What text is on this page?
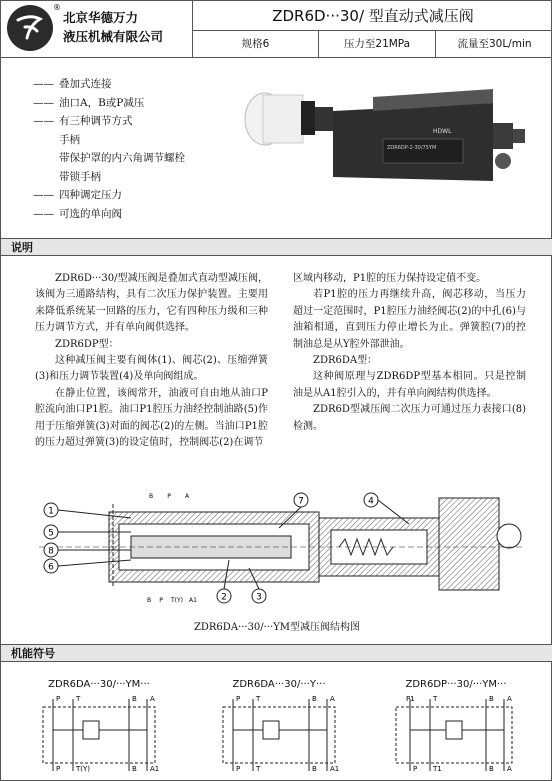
®
北京华德万力
液压机械有限公司
ZDR6D···30/ 型直动式减压阀
规格6	压力至21MPa	流量至30L/min
—— 叠加式连接
—— 油口A，B或P减压
—— 有三种调节方式
手柄
带保护罩的内六角调节螺栓
带锁手柄
—— 四种调定压力
—— 可选的单向阀
HDWL
ZDR6DP-2-30/75YM
说明

ZDR6D···30/型减压阀是叠加式直动型减压阀，该阀为三通路结构，具有二次压力保护装置。主要用来降低系统某一回路的压力，它有四种压力级和三种压力调节方式，并有单向阀供选择。

ZDR6DP型：

这种减压阀主要有阀体(1)、阀芯(2)、压缩弹簧(3)和压力调节装置(4)及单向阀组成。

在静止位置，该阀常开，油液可自由地从油口P腔流向油口P1腔。油口P1腔压力油经控制油路(5)作用于压缩弹簧(3)对面的阀芯(2)的左侧。当油口P1腔的压力超过弹簧(3)的设定值时，控制阀芯(2)在调节

区域内移动，P1腔的压力保持设定值不变。

若P1腔的压力再继续升高，阀芯移动，当压力超过一定范围时，P1腔压力油经阀芯(2)的中孔(6)与油箱相通，直到压力停止增长为止。弹簧腔(7)的控制油总是从Y腔外部泄油。

ZDR6DA型：

这种阀原理与ZDR6DP型基本相同。只是控制油是从A1腔引入的，并有单向阀结构供选择。

ZDR6D型减压阀二次压力可通过压力表接口(8)检测。

1
5
8
6
2	3
7	4
B P A
B P T(Y) A1
ZDR6DA···30/···YM型减压阀结构图
机能符号
ZDR6DA···30/···YM···
P T	B A
P T(Y)	B A1
ZDR6DA···30/···Y···
P T	B A
P T	B A1
ZDR6DP···30/···YM···
P1	T	B A
P T1	B A
